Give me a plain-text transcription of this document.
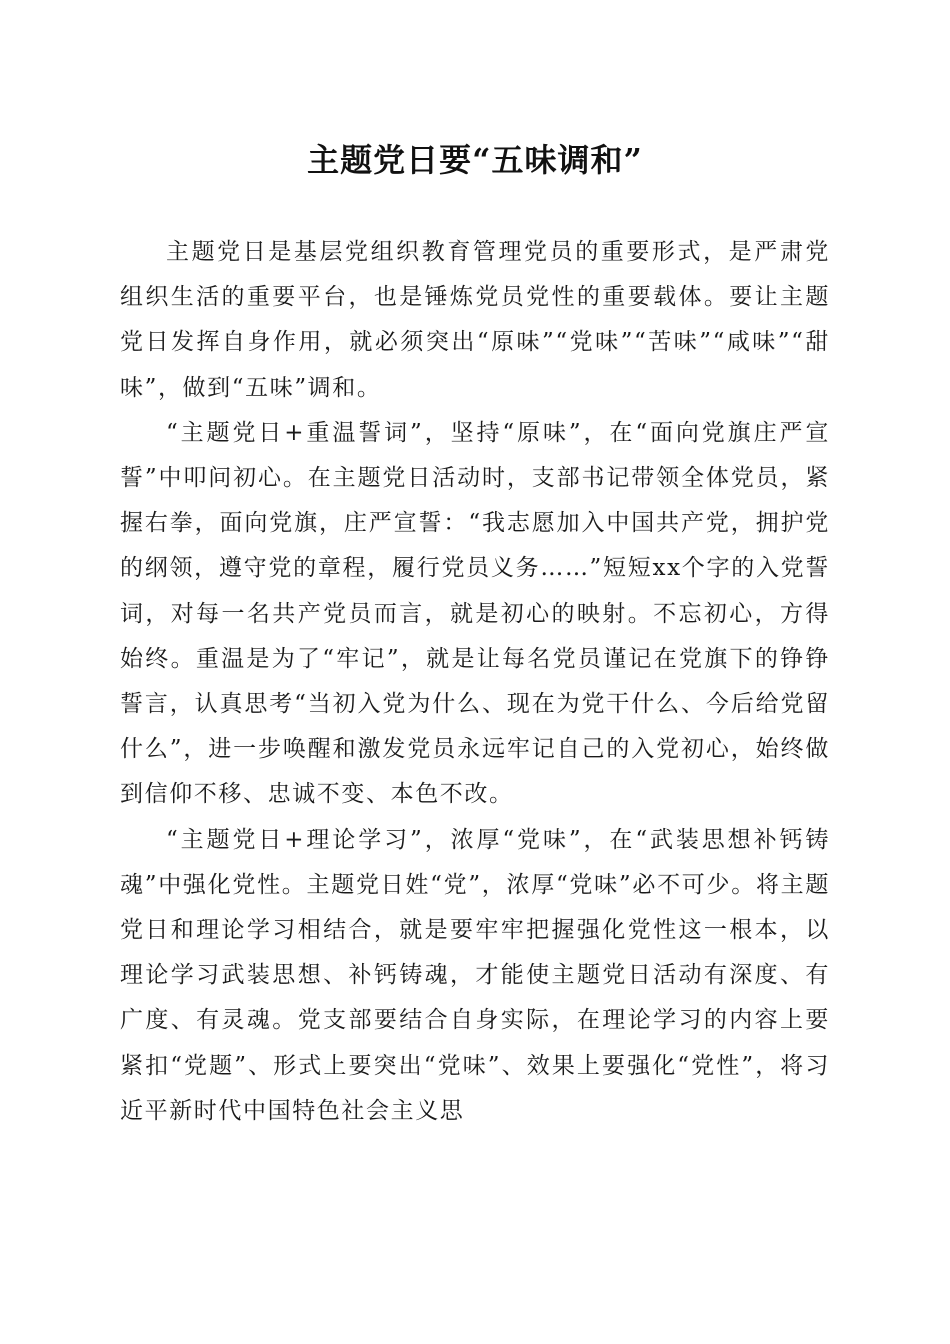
主题党日要“五味调和”

主题党日是基层党组织教育管理党员的重要形式，是严肃党组织生活的重要平台，也是锤炼党员党性的重要载体。要让主题党日发挥自身作用，就必须突出“原味”“党味”“苦味”“咸味”“甜味”，做到“五味”调和。

“主题党日+重温誓词”，坚持“原味”，在“面向党旗庄严宣誓”中叩问初心。在主题党日活动时，支部书记带领全体党员，紧握右拳，面向党旗，庄严宣誓：“我志愿加入中国共产党，拥护党的纲领，遵守党的章程，履行党员义务……”短短xx个字的入党誓词，对每一名共产党员而言，就是初心的映射。不忘初心，方得始终。重温是为了“牢记”，就是让每名党员谨记在党旗下的铮铮誓言，认真思考“当初入党为什么、现在为党干什么、今后给党留什么”，进一步唤醒和激发党员永远牢记自己的入党初心，始终做到信仰不移、忠诚不变、本色不改。

“主题党日+理论学习”，浓厚“党味”，在“武装思想补钙铸魂”中强化党性。主题党日姓“党”，浓厚“党味”必不可少。将主题党日和理论学习相结合，就是要牢牢把握强化党性这一根本，以理论学习武装思想、补钙铸魂，才能使主题党日活动有深度、有广度、有灵魂。党支部要结合自身实际，在理论学习的内容上要紧扣“党题”、形式上要突出“党味”、效果上要强化“党性”，将习近平新时代中国特色社会主义思
